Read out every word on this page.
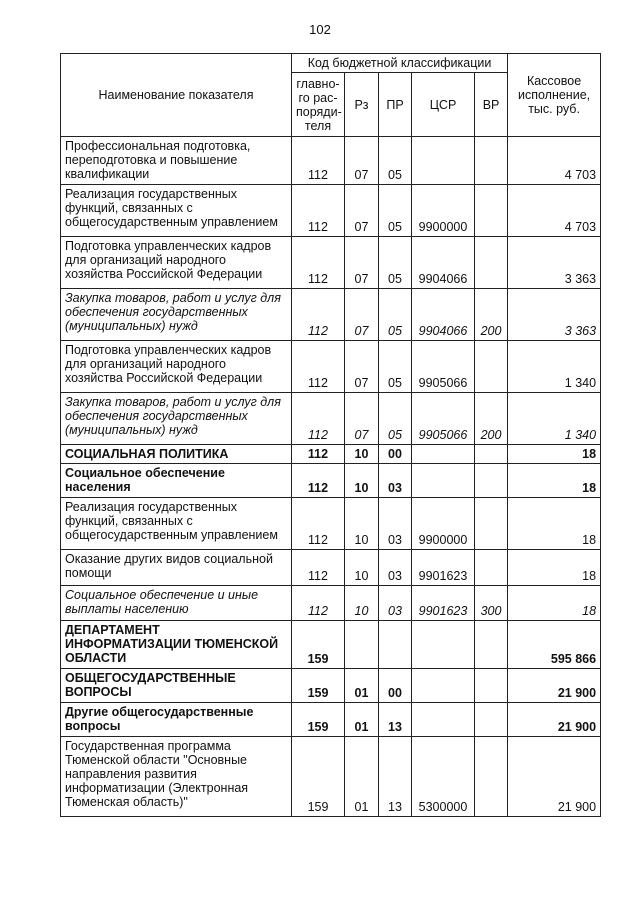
102
Наименование показателя	Код бюджетной классификации					Кассовое исполнение, тыс. руб.
	главно-го рас-поряди-теля	Рз	ПР	ЦСР	ВР	
Профессиональная подготовка, переподготовка и повышение квалификации	112	07	05			4 703
Реализация государственных функций, связанных с общегосударственным управлением	112	07	05	9900000		4 703
Подготовка управленческих кадров для организаций народного хозяйства Российской Федерации	112	07	05	9904066		3 363
Закупка товаров, работ и услуг для обеспечения государственных (муниципальных) нужд	112	07	05	9904066	200	3 363
Подготовка управленческих кадров для организаций народного хозяйства Российской Федерации	112	07	05	9905066		1 340
Закупка товаров, работ и услуг для обеспечения государственных (муниципальных) нужд	112	07	05	9905066	200	1 340
СОЦИАЛЬНАЯ ПОЛИТИКА	112	10	00			18
Социальное обеспечение населения	112	10	03			18
Реализация государственных функций, связанных с общегосударственным управлением	112	10	03	9900000		18
Оказание других видов социальной помощи	112	10	03	9901623		18
Социальное обеспечение и иные выплаты населению	112	10	03	9901623	300	18
ДЕПАРТАМЕНТ ИНФОРМАТИЗАЦИИ ТЮМЕНСКОЙ ОБЛАСТИ	159					595 866
ОБЩЕГОСУДАРСТВЕННЫЕ ВОПРОСЫ	159	01	00			21 900
Другие общегосударственные вопросы	159	01	13			21 900
Государственная программа Тюменской области "Основные направления развития информатизации (Электронная Тюменская область)"	159	01	13	5300000		21 900
